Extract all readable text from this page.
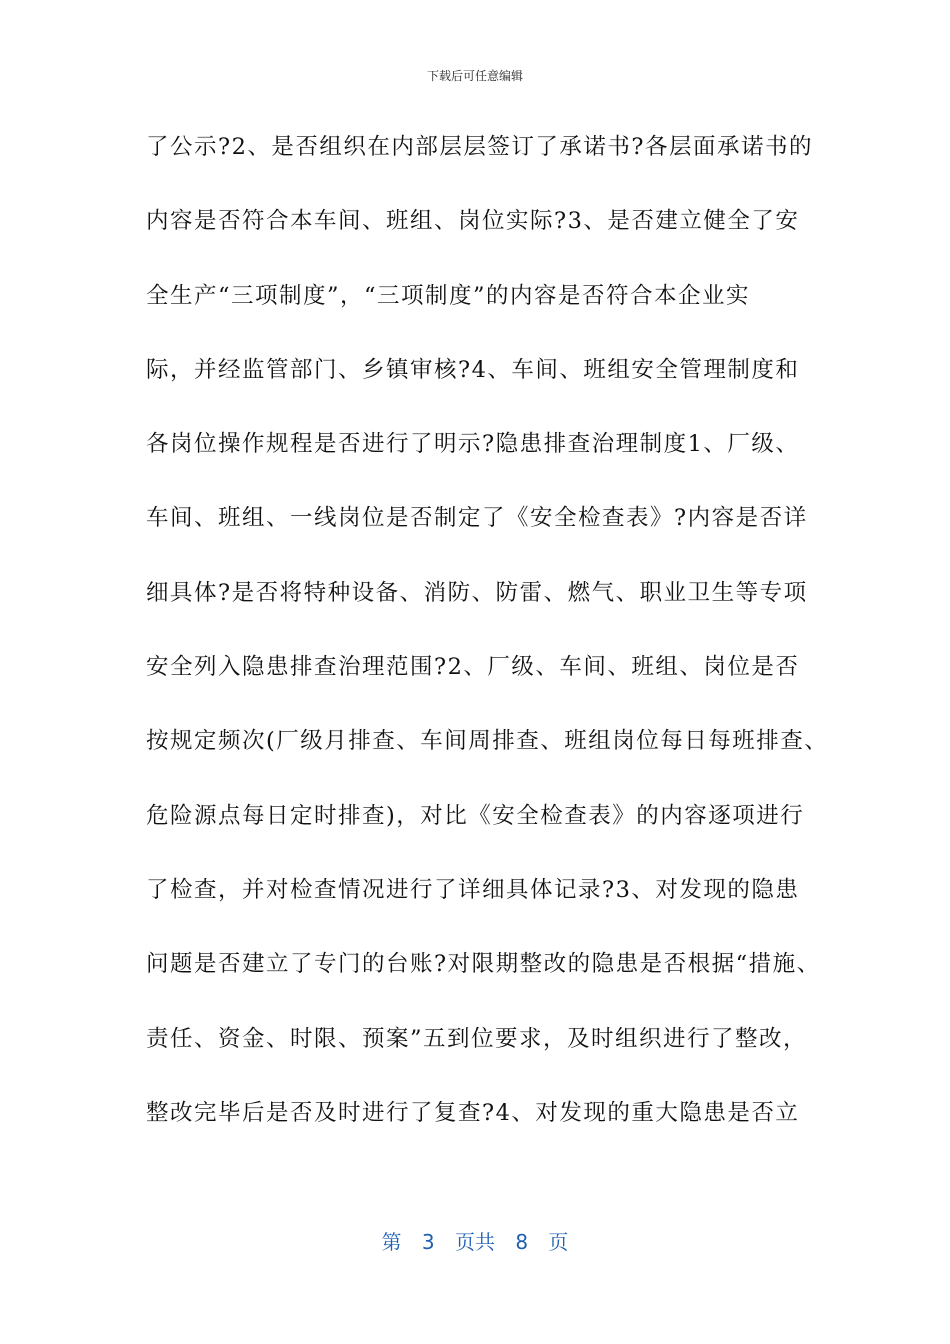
下载后可任意编辑
了公示?2、是否组织在内部层层签订了承诺书?各层面承诺书的
内容是否符合本车间、班组、岗位实际?3、是否建立健全了安
全生产“三项制度”，“三项制度”的内容是否符合本企业实
际，并经监管部门、乡镇审核?4、车间、班组安全管理制度和
各岗位操作规程是否进行了明示?隐患排查治理制度1、厂级、
车间、班组、一线岗位是否制定了《安全检查表》?内容是否详
细具体?是否将特种设备、消防、防雷、燃气、职业卫生等专项
安全列入隐患排查治理范围?2、厂级、车间、班组、岗位是否
按规定频次(厂级月排查、车间周排查、班组岗位每日每班排查、
危险源点每日定时排查)，对比《安全检查表》的内容逐项进行
了检查，并对检查情况进行了详细具体记录?3、对发现的隐患
问题是否建立了专门的台账?对限期整改的隐患是否根据“措施、
责任、资金、时限、预案”五到位要求，及时组织进行了整改，
整改完毕后是否及时进行了复查?4、对发现的重大隐患是否立
第 3 页共 8 页
